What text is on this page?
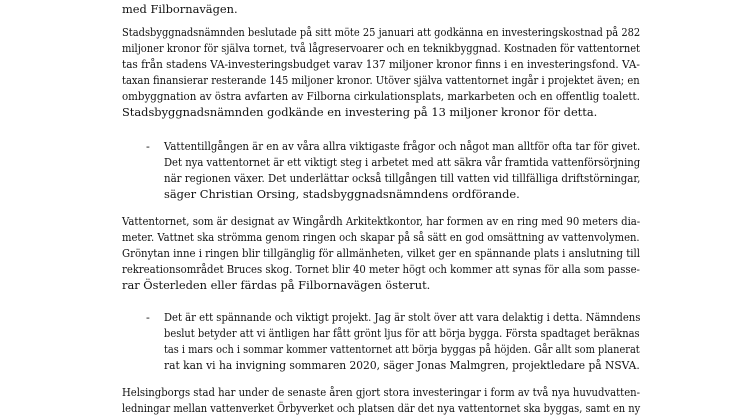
med Filbornavägen.
Stadsbyggnadsnämnden beslutade på sitt möte 25 januari att godkänna en investeringskostnad på 282
miljoner kronor för själva tornet, två lågreservoarer och en teknikbyggnad. Kostnaden för vattentornet
tas från stadens VA-investeringsbudget varav 137 miljoner kronor finns i en investeringsfond. VA-
taxan finansierar resterande 145 miljoner kronor. Utöver själva vattentornet ingår i projektet även; en
ombyggnation av östra avfarten av Filborna cirkulationsplats, markarbeten och en offentlig toalett.
Stadsbyggnadsnämnden godkände en investering på 13 miljoner kronor för detta.
- Vattentillgången är en av våra allra viktigaste frågor och något man alltför ofta tar för givet.
Det nya vattentornet är ett viktigt steg i arbetet med att säkra vår framtida vattenförsörjning
när regionen växer. Det underlättar också tillgången till vatten vid tillfälliga driftstörningar,
säger Christian Orsing, stadsbyggnadsnämndens ordförande.
Vattentornet, som är designat av Wingårdh Arkitektkontor, har formen av en ring med 90 meters dia-
meter. Vattnet ska strömma genom ringen och skapar på så sätt en god omsättning av vattenvolymen.
Grönytan inne i ringen blir tillgänglig för allmänheten, vilket ger en spännande plats i anslutning till
rekreationsområdet Bruces skog. Tornet blir 40 meter högt och kommer att synas för alla som passe-
rar Österleden eller färdas på Filbornavägen österut.
- Det är ett spännande och viktigt projekt. Jag är stolt över att vara delaktig i detta. Nämndens
beslut betyder att vi äntligen har fått grönt ljus för att börja bygga. Första spadtaget beräknas
tas i mars och i sommar kommer vattentornet att börja byggas på höjden. Går allt som planerat
rat kan vi ha invigning sommaren 2020, säger Jonas Malmgren, projektledare på NSVA.
Helsingborgs stad har under de senaste åren gjort stora investeringar i form av två nya huvudvatten-
ledningar mellan vattenverket Örbyverket och platsen där det nya vattentornet ska byggas, samt en ny
